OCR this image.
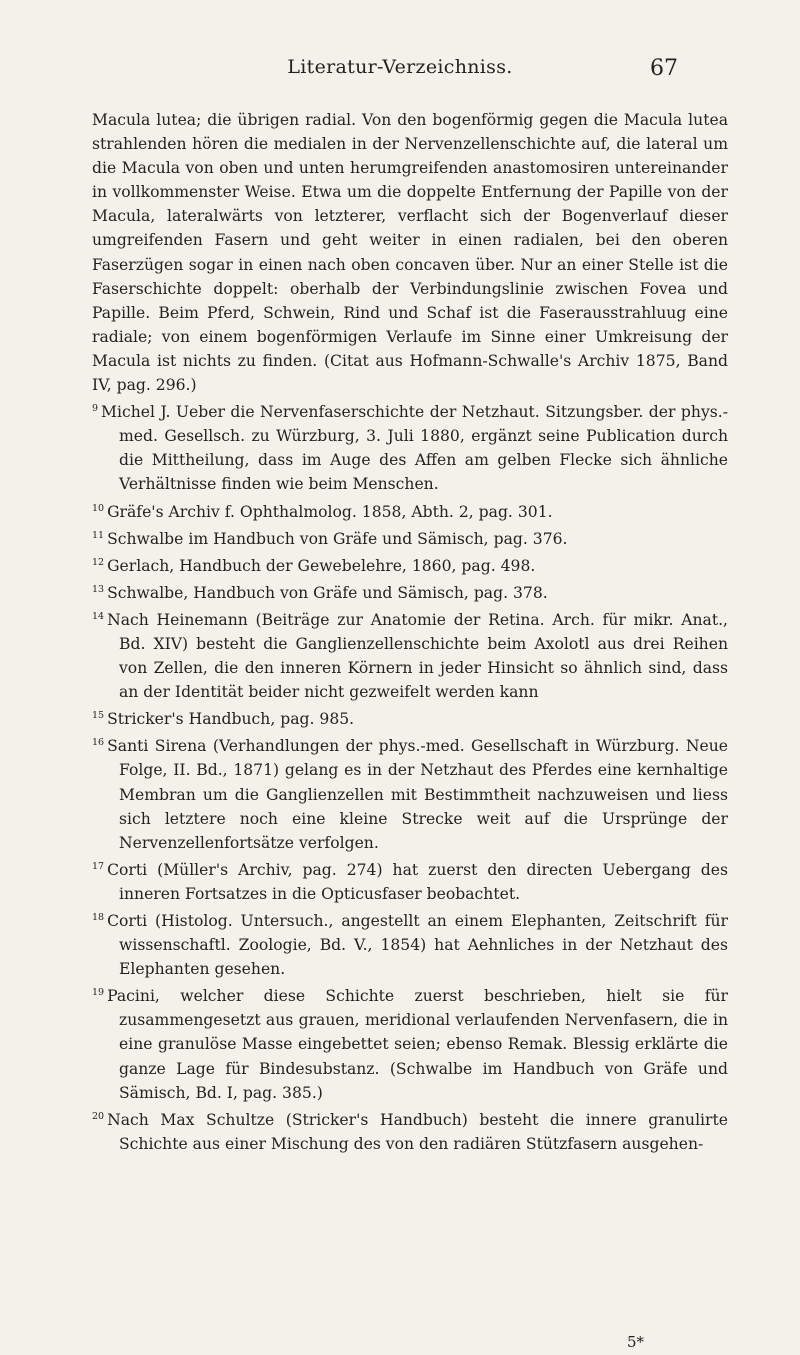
Literatur-Verzeichniss.	67

Macula lutea; die übrigen radial. Von den bogenförmig gegen die Macula lutea strahlenden hören die medialen in der Nervenzellenschichte auf, die lateral um die Macula von oben und unten herumgreifenden anastomosiren untereinander in vollkommenster Weise. Etwa um die doppelte Entfernung der Papille von der Macula, lateralwärts von letzterer, verflacht sich der Bogenverlauf dieser umgreifenden Fasern und geht weiter in einen radialen, bei den oberen Faserzügen sogar in einen nach oben concaven über. Nur an einer Stelle ist die Faserschichte doppelt: oberhalb der Verbindungslinie zwischen Fovea und Papille. Beim Pferd, Schwein, Rind und Schaf ist die Faserausstrahluug eine radiale; von einem bogenförmigen Verlaufe im Sinne einer Umkreisung der Macula ist nichts zu finden. (Citat aus Hofmann-Schwalle's Archiv 1875, Band IV, pag. 296.)

9 Michel J. Ueber die Nervenfaserschichte der Netzhaut. Sitzungsber. der phys.-med. Gesellsch. zu Würzburg, 3. Juli 1880, ergänzt seine Publication durch die Mittheilung, dass im Auge des Affen am gelben Flecke sich ähnliche Verhältnisse finden wie beim Menschen.

10 Gräfe's Archiv f. Ophthalmolog. 1858, Abth. 2, pag. 301.

11 Schwalbe im Handbuch von Gräfe und Sämisch, pag. 376.

12 Gerlach, Handbuch der Gewebelehre, 1860, pag. 498.

13 Schwalbe, Handbuch von Gräfe und Sämisch, pag. 378.

14 Nach Heinemann (Beiträge zur Anatomie der Retina. Arch. für mikr. Anat., Bd. XIV) besteht die Ganglienzellenschichte beim Axolotl aus drei Reihen von Zellen, die den inneren Körnern in jeder Hinsicht so ähnlich sind, dass an der Identität beider nicht gezweifelt werden kann

15 Stricker's Handbuch, pag. 985.

16 Santi Sirena (Verhandlungen der phys.-med. Gesellschaft in Würzburg. Neue Folge, II. Bd., 1871) gelang es in der Netzhaut des Pferdes eine kernhaltige Membran um die Ganglienzellen mit Bestimmtheit nachzuweisen und liess sich letztere noch eine kleine Strecke weit auf die Ursprünge der Nervenzellenfortsätze verfolgen.

17 Corti (Müller's Archiv, pag. 274) hat zuerst den directen Uebergang des inneren Fortsatzes in die Opticusfaser beobachtet.

18 Corti (Histolog. Untersuch., angestellt an einem Elephanten, Zeitschrift für wissenschaftl. Zoologie, Bd. V., 1854) hat Aehnliches in der Netzhaut des Elephanten gesehen.

19 Pacini, welcher diese Schichte zuerst beschrieben, hielt sie für zusammengesetzt aus grauen, meridional verlaufenden Nervenfasern, die in eine granulöse Masse eingebettet seien; ebenso Remak. Blessig erklärte die ganze Lage für Bindesubstanz. (Schwalbe im Handbuch von Gräfe und Sämisch, Bd. I, pag. 385.)

20 Nach Max Schultze (Stricker's Handbuch) besteht die innere granulirte Schichte aus einer Mischung des von den radiären Stützfasern ausgehen-

5*
